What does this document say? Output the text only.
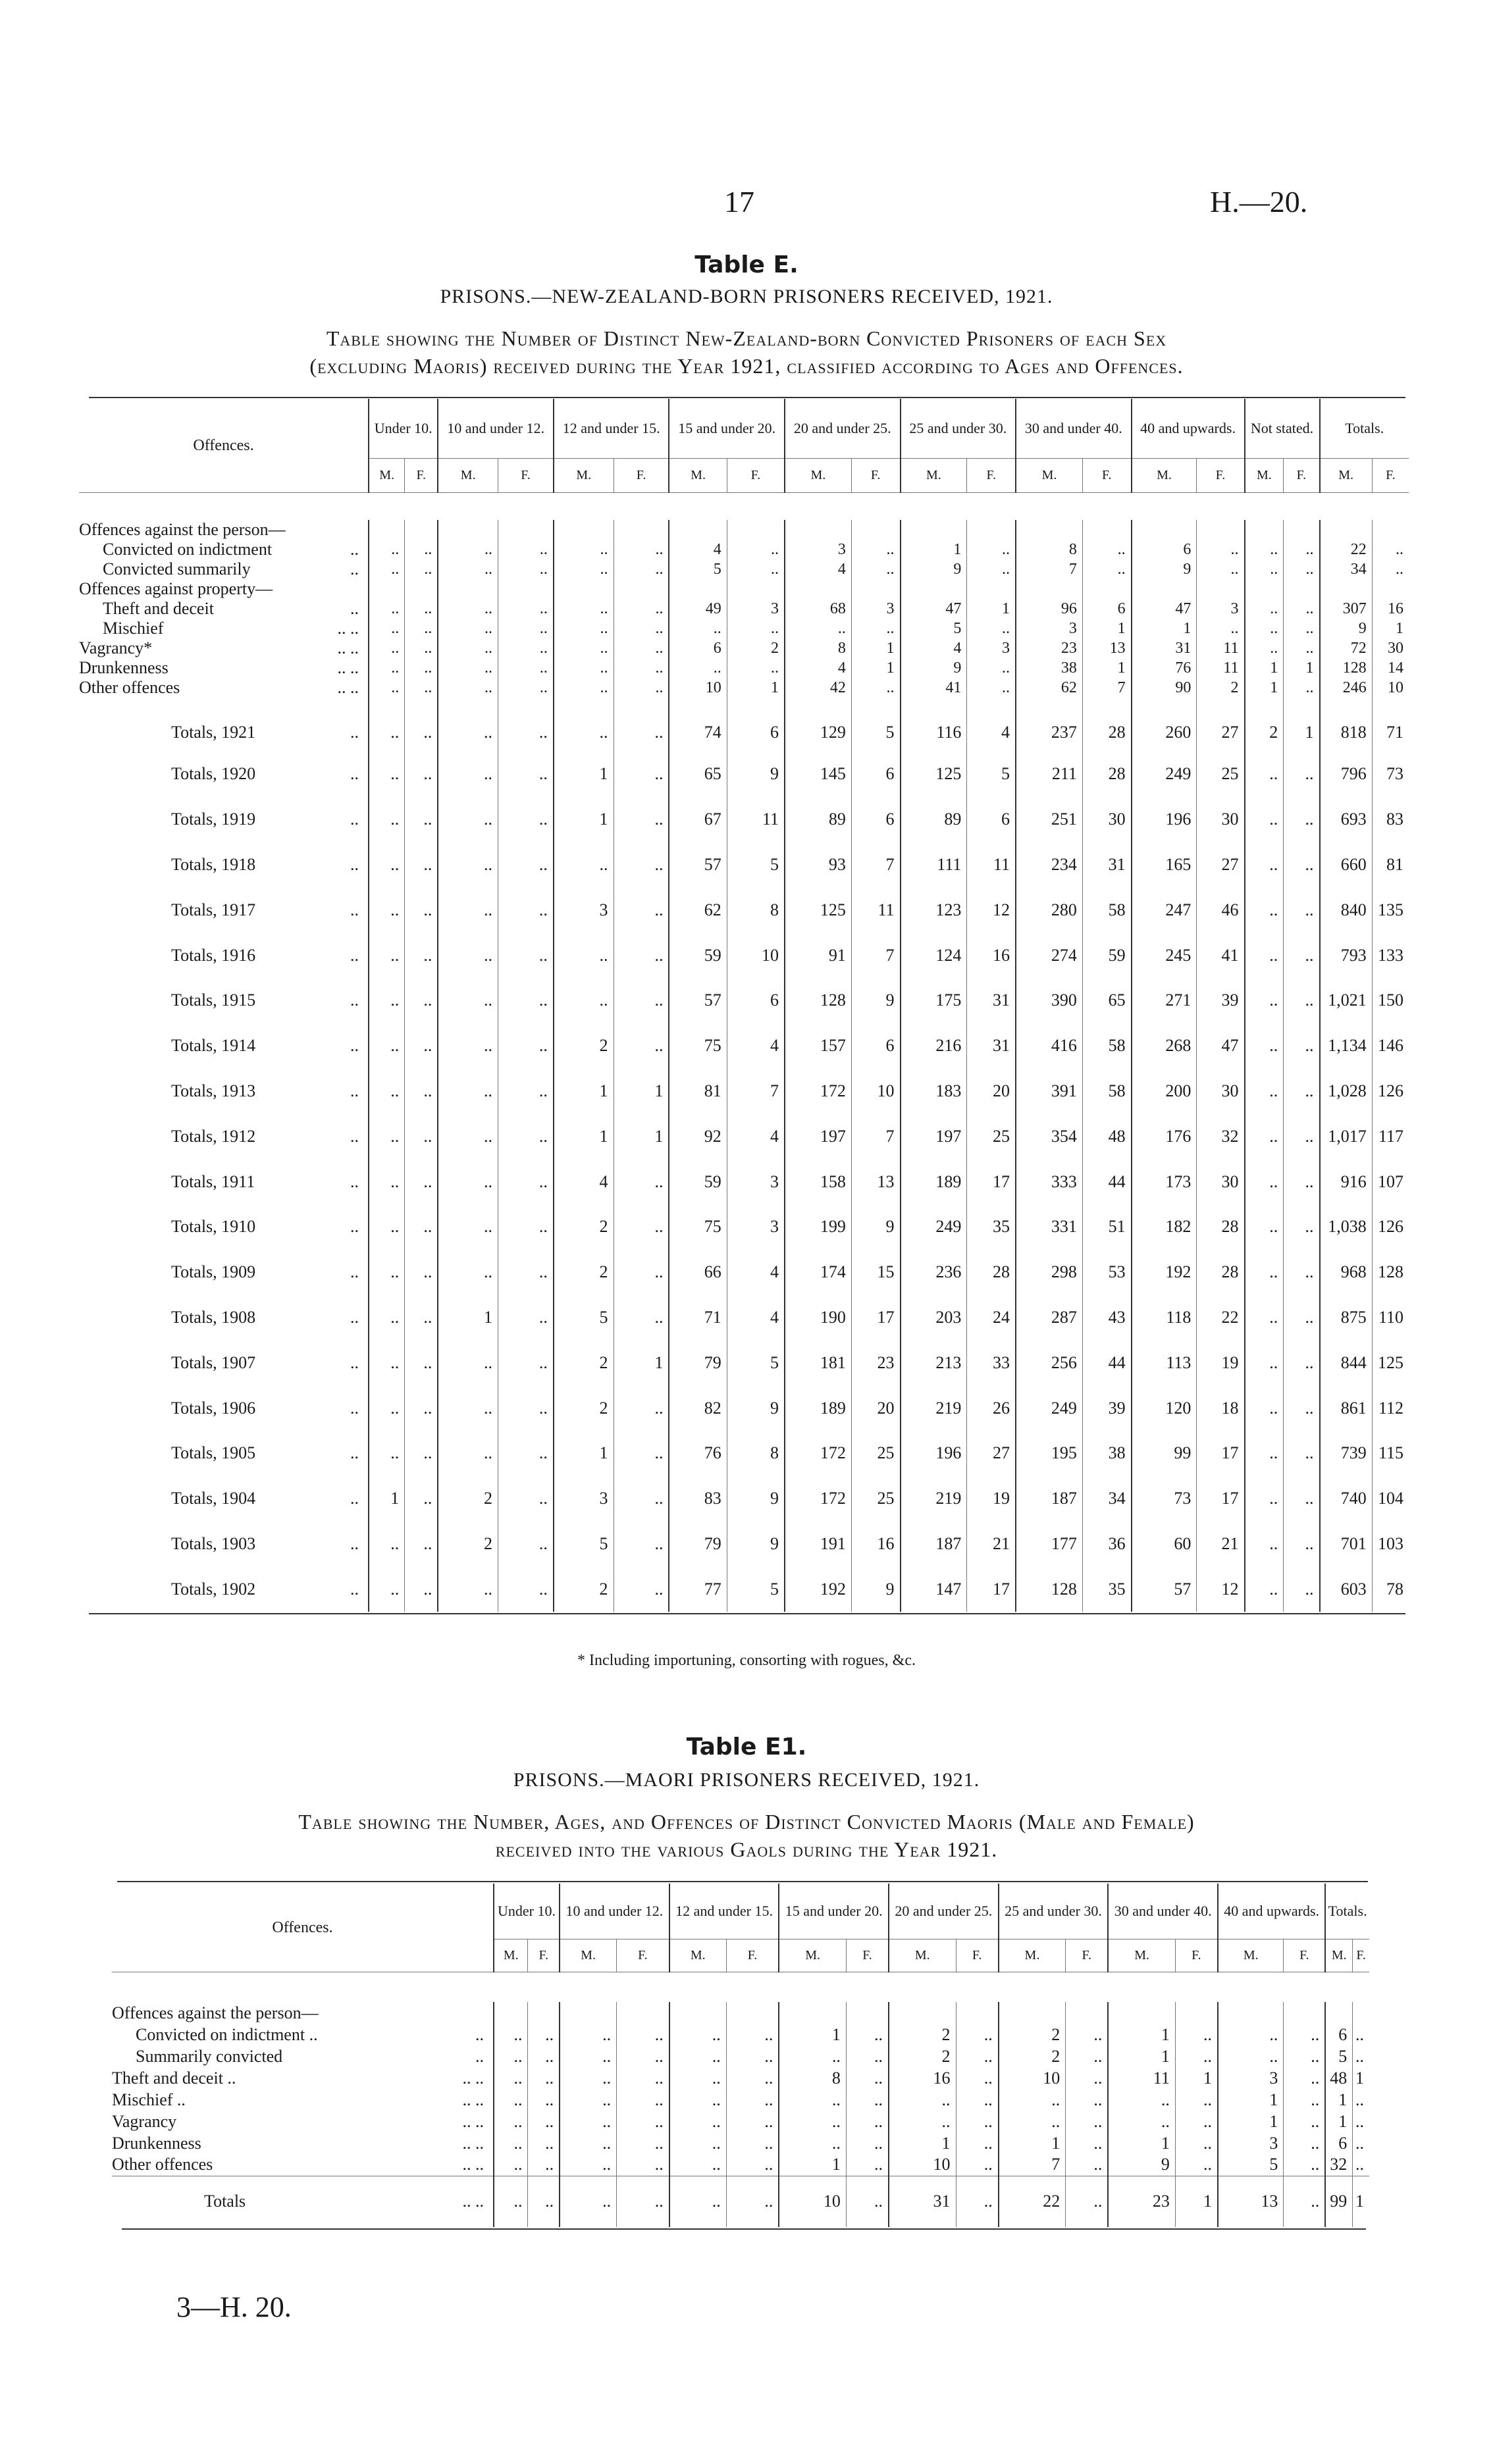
17	H.—20.
Table E.
PRISONS.—NEW-ZEALAND-BORN PRISONERS RECEIVED, 1921.
Table showing the Number of Distinct New-Zealand-born Convicted Prisoners of each Sex
(excluding Maoris) received during the Year 1921, classified according to Ages and Offences.
Offences.	Under 10.		10 and under 12.		12 and under 15.		15 and under 20.		20 and under 25.		25 and under 30.		30 and under 40.		40 and upwards.		Not stated.		Totals.	
	M.	F.	M.	F.	M.	F.	M.	F.	M.	F.	M.	F.	M.	F.	M.	F.	M.	F.	M.	F.

Offences against the person—																				
Convicted on indictment ..	..	..	..	..	..	..	4	..	3	..	1	..	8	..	6	..	..	..	22	..
Convicted summarily ..	..	..	..	..	..	..	5	..	4	..	9	..	7	..	9	..	..	..	34	..
Offences against property—																				
Theft and deceit ..	..	..	..	..	..	..	49	3	68	3	47	1	96	6	47	3	..	..	307	16
Mischief .. ..	..	..	..	..	..	..	..	..	..	..	5	..	3	1	1	..	..	..	9	1
Vagrancy* .. ..	..	..	..	..	..	..	6	2	8	1	4	3	23	13	31	11	..	..	72	30
Drunkenness .. ..	..	..	..	..	..	..	..	..	4	1	9	..	38	1	76	11	1	1	128	14
Other offences .. ..	..	..	..	..	..	..	10	1	42	..	41	..	62	7	90	2	1	..	246	10
Totals, 1921 ..	..	..	..	..	..	..	74	6	129	5	116	4	237	28	260	27	2	1	818	71
Totals, 1920 ..	..	..	..	..	1	..	65	9	145	6	125	5	211	28	249	25	..	..	796	73
Totals, 1919 ..	..	..	..	..	1	..	67	11	89	6	89	6	251	30	196	30	..	..	693	83
Totals, 1918 ..	..	..	..	..	..	..	57	5	93	7	111	11	234	31	165	27	..	..	660	81
Totals, 1917 ..	..	..	..	..	3	..	62	8	125	11	123	12	280	58	247	46	..	..	840	135
Totals, 1916 ..	..	..	..	..	..	..	59	10	91	7	124	16	274	59	245	41	..	..	793	133
Totals, 1915 ..	..	..	..	..	..	..	57	6	128	9	175	31	390	65	271	39	..	..	1,021	150
Totals, 1914 ..	..	..	..	..	2	..	75	4	157	6	216	31	416	58	268	47	..	..	1,134	146
Totals, 1913 ..	..	..	..	..	1	1	81	7	172	10	183	20	391	58	200	30	..	..	1,028	126
Totals, 1912 ..	..	..	..	..	1	1	92	4	197	7	197	25	354	48	176	32	..	..	1,017	117
Totals, 1911 ..	..	..	..	..	4	..	59	3	158	13	189	17	333	44	173	30	..	..	916	107
Totals, 1910 ..	..	..	..	..	2	..	75	3	199	9	249	35	331	51	182	28	..	..	1,038	126
Totals, 1909 ..	..	..	..	..	2	..	66	4	174	15	236	28	298	53	192	28	..	..	968	128
Totals, 1908 ..	..	..	1	..	5	..	71	4	190	17	203	24	287	43	118	22	..	..	875	110
Totals, 1907 ..	..	..	..	..	2	1	79	5	181	23	213	33	256	44	113	19	..	..	844	125
Totals, 1906 ..	..	..	..	..	2	..	82	9	189	20	219	26	249	39	120	18	..	..	861	112
Totals, 1905 ..	..	..	..	..	1	..	76	8	172	25	196	27	195	38	99	17	..	..	739	115
Totals, 1904 ..	1	..	2	..	3	..	83	9	172	25	219	19	187	34	73	17	..	..	740	104
Totals, 1903 ..	..	..	2	..	5	..	79	9	191	16	187	21	177	36	60	21	..	..	701	103
Totals, 1902 ..	..	..	..	..	2	..	77	5	192	9	147	17	128	35	57	12	..	..	603	78
* Including importuning, consorting with rogues, &c.
Table E1.
PRISONS.—MAORI PRISONERS RECEIVED, 1921.
Table showing the Number, Ages, and Offences of Distinct Convicted Maoris (Male and Female)
received into the various Gaols during the Year 1921.
Offences.	Under 10.		10 and under 12.		12 and under 15.		15 and under 20.		20 and under 25.		25 and under 30.		30 and under 40.		40 and upwards.		Totals.	
	M.	F.	M.	F.	M.	F.	M.	F.	M.	F.	M.	F.	M.	F.	M.	F.	M.	F.

Offences against the person—																		
Convicted on indictment .. ..	..	..	..	..	..	..	1	..	2	..	2	..	1	..	..	..	6	..
Summarily convicted ..	..	..	..	..	..	..	..	..	2	..	2	..	1	..	..	..	5	..
Theft and deceit .. .. ..	..	..	..	..	..	..	8	..	16	..	10	..	11	1	3	..	48	1
Mischief .. .. ..	..	..	..	..	..	..	..	..	..	..	..	..	..	..	1	..	1	..
Vagrancy .. ..	..	..	..	..	..	..	..	..	..	..	..	..	..	..	1	..	1	..
Drunkenness .. ..	..	..	..	..	..	..	..	..	1	..	1	..	1	..	3	..	6	..
Other offences .. ..	..	..	..	..	..	..	1	..	10	..	7	..	9	..	5	..	32	..
Totals .. ..	..	..	..	..	..	..	10	..	31	..	22	..	23	1	13	..	99	1
3—H. 20.
